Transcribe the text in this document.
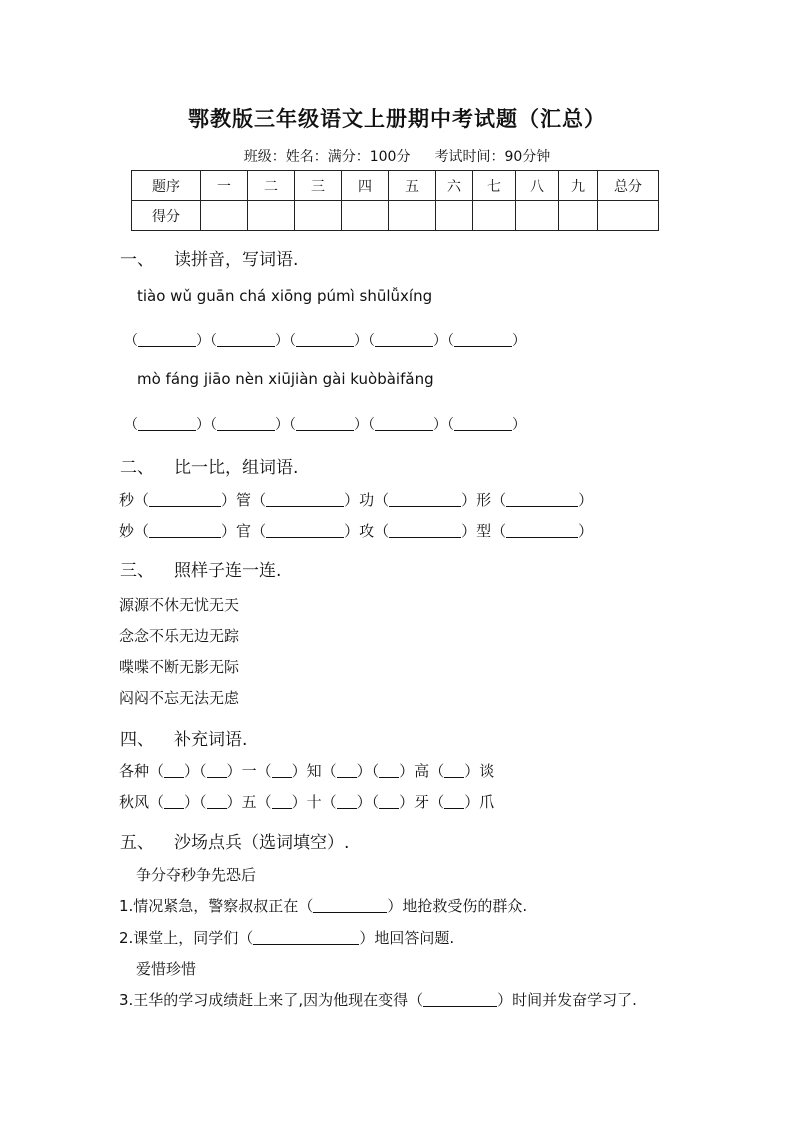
鄂教版三年级语文上册期中考试题（汇总）
班级：姓名：满分：100分 考试时间：90分钟
题序	一	二	三	四	五	六	七	八	九	总分
得分										
一、 读拼音，写词语.
tiào wǔ guān chá xiōng púmì shūlǚxíng
（	）（	）（	）（	）（	）
mò fáng jiāo nèn xiūjiàn gài kuòbàifǎng
（	）（	）（	）（	）（	）
二、 比一比，组词语.
秒（	）管（	）功（	）形（	）
妙（	）官（	）攻（	）型（	）
三、 照样子连一连.
源源不休无忧无天
念念不乐无边无踪
喋喋不断无影无际
闷闷不忘无法无虑
四、 补充词语.
各种（ ）（ ）一（ ）知（ ）（ ）高（ ）谈
秋风（ ）（ ）五（ ）十（ ）（ ）牙（ ）爪
五、 沙场点兵（选词填空）.
争分夺秒争先恐后
1.情况紧急，警察叔叔正在（	）地抢救受伤的群众.
2.课堂上，同学们（	）地回答问题.
爱惜珍惜
3.王华的学习成绩赶上来了,因为他现在变得（	）时间并发奋学习了.
